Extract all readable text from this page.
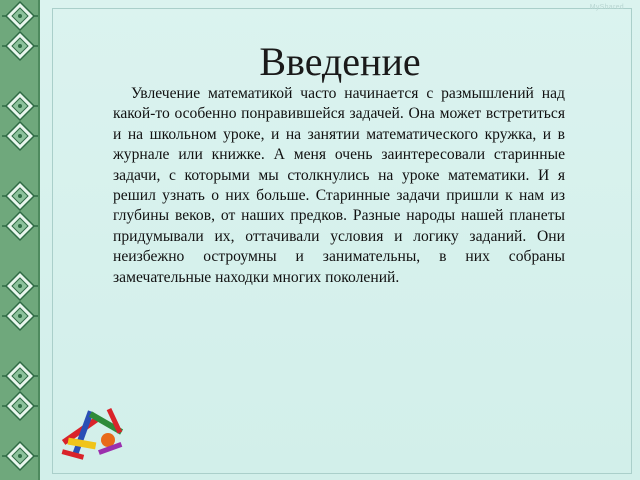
MyShared
Введение

Увлечение математикой часто начинается с размышлений над какой-то особенно понравившейся задачей. Она может встретиться и на школьном уроке, и на занятии математического кружка, и в журнале или книжке. А меня очень заинтересовали старинные задачи, с которыми мы столкнулись на уроке математики. И я решил узнать о них больше. Старинные задачи пришли к нам из глубины веков, от наших предков. Разные народы нашей планеты придумывали их, оттачивали условия и логику заданий. Они неизбежно остроумны и занимательны, в них собраны замечательные находки многих поколений.
